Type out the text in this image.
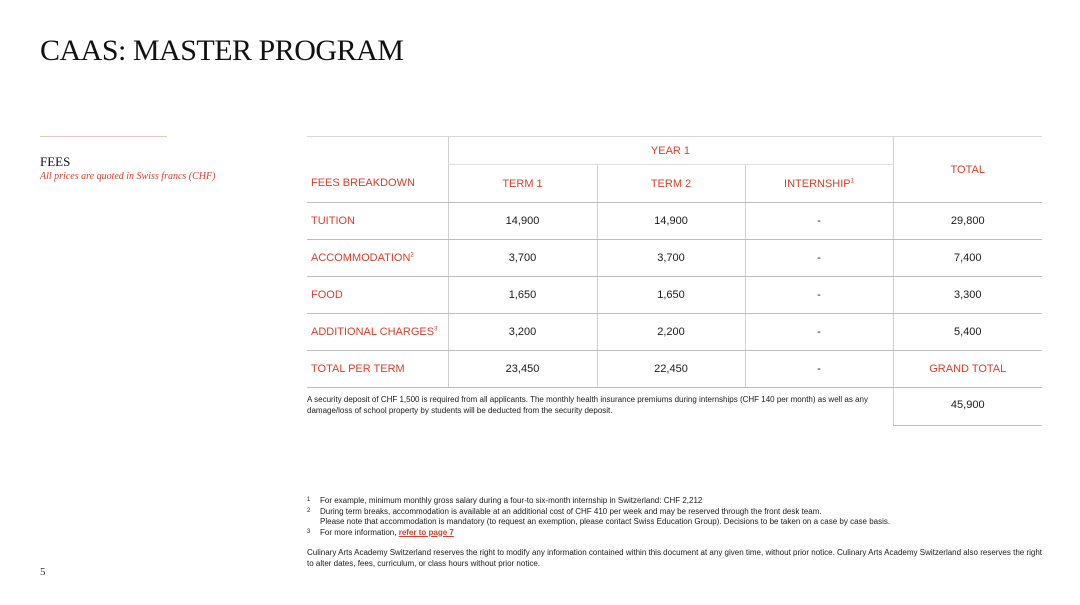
CAAS: MASTER PROGRAM
FEES
All prices are quoted in Swiss francs (CHF)
	YEAR 1			TOTAL
FEES BREAKDOWN	TERM 1	TERM 2	INTERNSHIP$^1$
TUITION	14,900	14,900	-	29,800
ACCOMMODATION$^2$	3,700	3,700	-	7,400
FOOD	1,650	1,650	-	3,300
ADDITIONAL CHARGES$^3$	3,200	2,200	-	5,400
TOTAL PER TERM	23,450	22,450	-	GRAND TOTAL
A security deposit of CHF 1,500 is required from all applicants. The monthly health insurance premiums during internships (CHF 140 per month) as well as any damage/loss of school property by students will be deducted from the security deposit.				45,900
1	For example, minimum monthly gross salary during a four-to six-month internship in Switzerland: CHF 2,212
2	During term breaks, accommodation is available at an additional cost of CHF 410 per week and may be reserved through the front desk team.
Please note that accommodation is mandatory (to request an exemption, please contact Swiss Education Group). Decisions to be taken on a case by case basis.
3	For more information, refer to page 7
Culinary Arts Academy Switzerland reserves the right to modify any information contained within this document at any given time, without prior notice. Culinary Arts Academy Switzerland also reserves the right to alter dates, fees, curriculum, or class hours without prior notice.
5
